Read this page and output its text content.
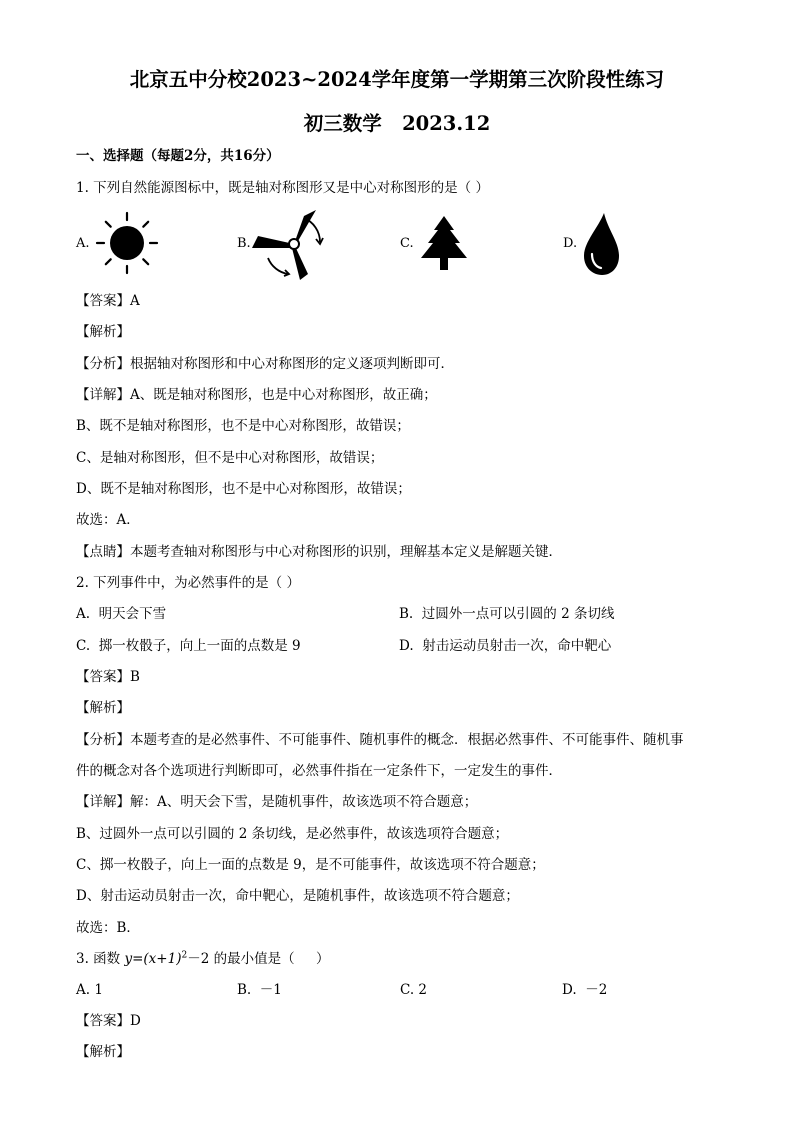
北京五中分校2023~2024学年度第一学期第三次阶段性练习
初三数学   2023.12
一、选择题（每题2分，共16分）
1. 下列自然能源图标中，既是轴对称图形又是中心对称图形的是（ ）
A.	B.	C.	D.
【答案】A
【解析】
【分析】根据轴对称图形和中心对称图形的定义逐项判断即可．
【详解】A、既是轴对称图形，也是中心对称图形，故正确；
B、既不是轴对称图形，也不是中心对称图形，故错误；
C、是轴对称图形，但不是中心对称图形，故错误；
D、既不是轴对称图形，也不是中心对称图形，故错误；
故选：A．
【点睛】本题考查轴对称图形与中心对称图形的识别，理解基本定义是解题关键．
2. 下列事件中，为必然事件的是（ ）
A.  明天会下雪	B.  过圆外一点可以引圆的 2 条切线
C.  掷一枚骰子，向上一面的点数是 9	D.  射击运动员射击一次，命中靶心
【答案】B
【解析】
【分析】本题考查的是必然事件、不可能事件、随机事件的概念．根据必然事件、不可能事件、随机事
件的概念对各个选项进行判断即可，必然事件指在一定条件下，一定发生的事件．
【详解】解：A、明天会下雪，是随机事件，故该选项不符合题意；
B、过圆外一点可以引圆的 2 条切线，是必然事件，故该选项符合题意；
C、掷一枚骰子，向上一面的点数是 9，是不可能事件，故该选项不符合题意；
D、射击运动员射击一次，命中靶心，是随机事件，故该选项不符合题意；
故选：B．
3. 函数 $y=(x+1)^2-2$ 的最小值是（     ）
A. 1	B.  －1	C. 2	D.  －2
【答案】D
【解析】
